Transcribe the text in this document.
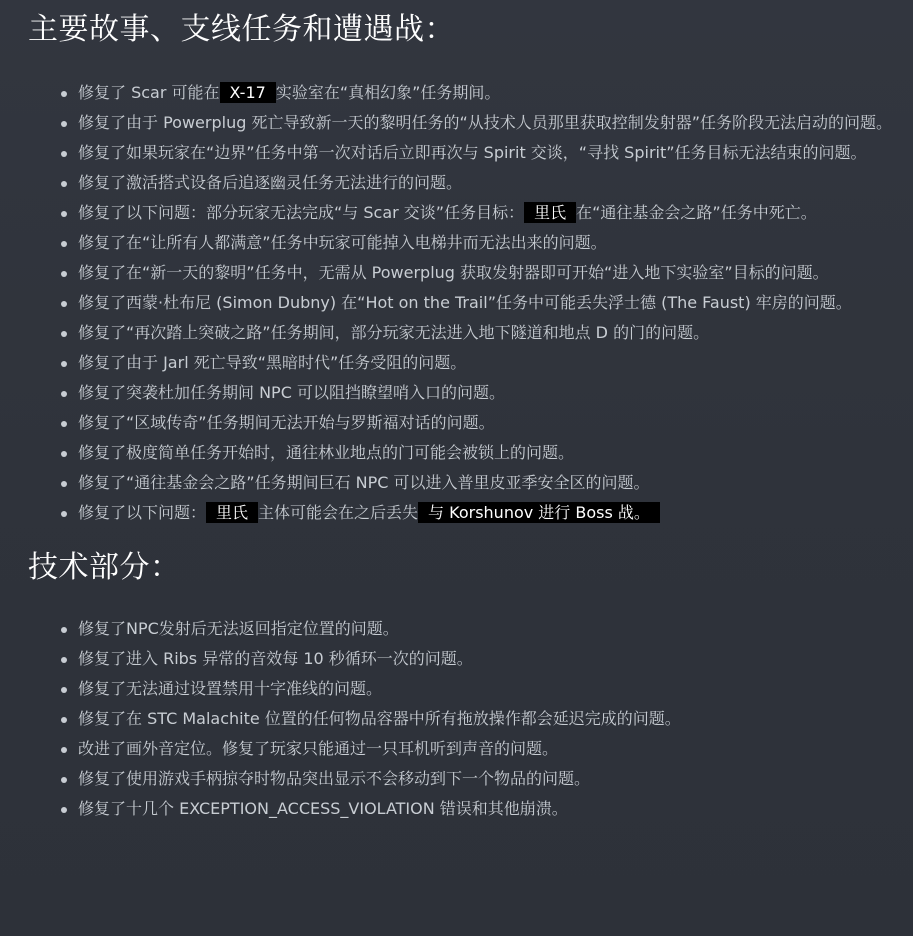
主要故事、支线任务和遭遇战：
修复了 Scar 可能在 X-17 实验室在“真相幻象”任务期间。
修复了由于 Powerplug 死亡导致新一天的黎明任务的“从技术人员那里获取控制发射器”任务阶段无法启动的问题。
修复了如果玩家在“边界”任务中第一次对话后立即再次与 Spirit 交谈，“寻找 Spirit”任务目标无法结束的问题。
修复了激活搭式设备后追逐幽灵任务无法进行的问题。
修复了以下问题：部分玩家无法完成“与 Scar 交谈”任务目标： 里氏 在“通往基金会之路”任务中死亡。
修复了在“让所有人都满意”任务中玩家可能掉入电梯井而无法出来的问题。
修复了在“新一天的黎明”任务中，无需从 Powerplug 获取发射器即可开始“进入地下实验室”目标的问题。
修复了西蒙·杜布尼 (Simon Dubny) 在“Hot on the Trail”任务中可能丢失浮士德 (The Faust) 牢房的问题。
修复了“再次踏上突破之路”任务期间，部分玩家无法进入地下隧道和地点 D 的门的问题。
修复了由于 Jarl 死亡导致“黑暗时代”任务受阻的问题。
修复了突袭杜加任务期间 NPC 可以阻挡瞭望哨入口的问题。
修复了“区域传奇”任务期间无法开始与罗斯福对话的问题。
修复了极度简单任务开始时，通往林业地点的门可能会被锁上的问题。
修复了“通往基金会之路”任务期间巨石 NPC 可以进入普里皮亚季安全区的问题。
修复了以下问题： 里氏 主体可能会在之后丢失 与 Korshunov 进行 Boss 战。
技术部分：
修复了NPC发射后无法返回指定位置的问题。
修复了进入 Ribs 异常的音效每 10 秒循环一次的问题。
修复了无法通过设置禁用十字准线的问题。
修复了在 STC Malachite 位置的任何物品容器中所有拖放操作都会延迟完成的问题。
改进了画外音定位。修复了玩家只能通过一只耳机听到声音的问题。
修复了使用游戏手柄掠夺时物品突出显示不会移动到下一个物品的问题。
修复了十几个 EXCEPTION_ACCESS_VIOLATION 错误和其他崩溃。
